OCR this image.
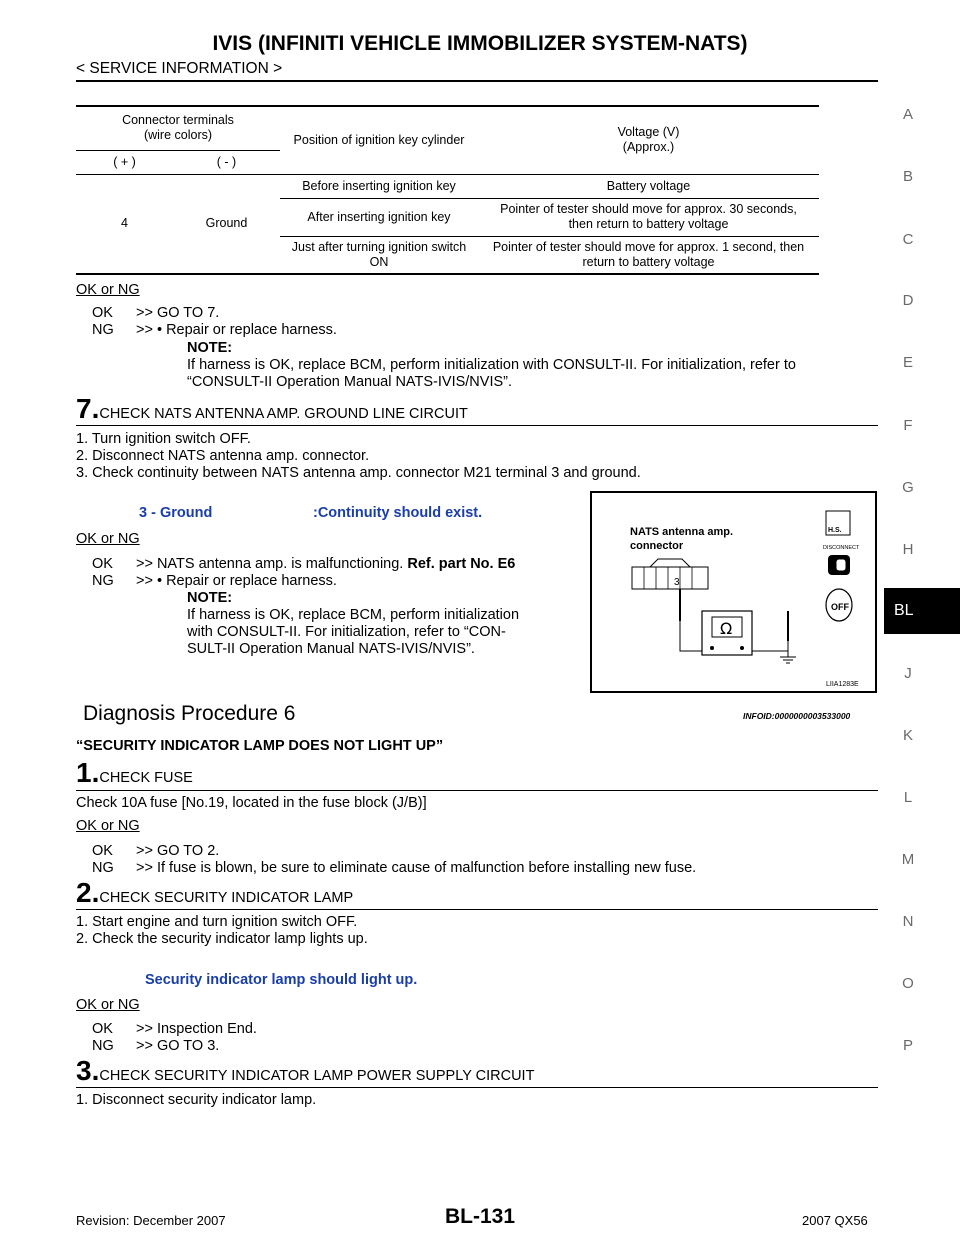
IVIS (INFINITI VEHICLE IMMOBILIZER SYSTEM-NATS)
< SERVICE INFORMATION >
A
B
C
D
E
F
G
H
BL
J
K
L
M
N
O
P
Connector terminals
(wire colors)		Position of ignition key cylinder	Voltage (V)
(Approx.)
( + )	( - )		
4	Ground	Before inserting ignition key	Battery voltage
		After inserting ignition key	Pointer of tester should move for approx. 30 seconds,
then return to battery voltage
		Just after turning ignition switch
ON	Pointer of tester should move for approx. 1 second, then
return to battery voltage
OK or NG
OK >> GO TO 7.
NG >> • Repair or replace harness.
NOTE:
If harness is OK, replace BCM, perform initialization with CONSULT-II. For initialization, refer to
“CONSULT-II Operation Manual NATS-IVIS/NVIS”.
7.CHECK NATS ANTENNA AMP. GROUND LINE CIRCUIT
1. Turn ignition switch OFF.
2. Disconnect NATS antenna amp. connector.
3. Check continuity between NATS antenna amp. connector M21 terminal 3 and ground.
3 - Ground	:Continuity should exist.
OK or NG
OK >> NATS antenna amp. is malfunctioning. Ref. part No. E6
NG >> • Repair or replace harness.
NOTE:
If harness is OK, replace BCM, perform initialization
with CONSULT-II. For initialization, refer to “CON-
SULT-II Operation Manual NATS-IVIS/NVIS”.
3
Ω
H.S.
DISCONNECT
OFF
NATS antenna amp.
connector
LIIA1283E
Diagnosis Procedure 6	INFOID:0000000003533000
“SECURITY INDICATOR LAMP DOES NOT LIGHT UP”
1.CHECK FUSE
Check 10A fuse [No.19, located in the fuse block (J/B)]
OK or NG
OK >> GO TO 2.
NG >> If fuse is blown, be sure to eliminate cause of malfunction before installing new fuse.
2.CHECK SECURITY INDICATOR LAMP
1. Start engine and turn ignition switch OFF.
2. Check the security indicator lamp lights up.
Security indicator lamp should light up.
OK or NG
OK >> Inspection End.
NG >> GO TO 3.
3.CHECK SECURITY INDICATOR LAMP POWER SUPPLY CIRCUIT
1. Disconnect security indicator lamp.
Revision: December 2007	BL-131	2007 QX56
